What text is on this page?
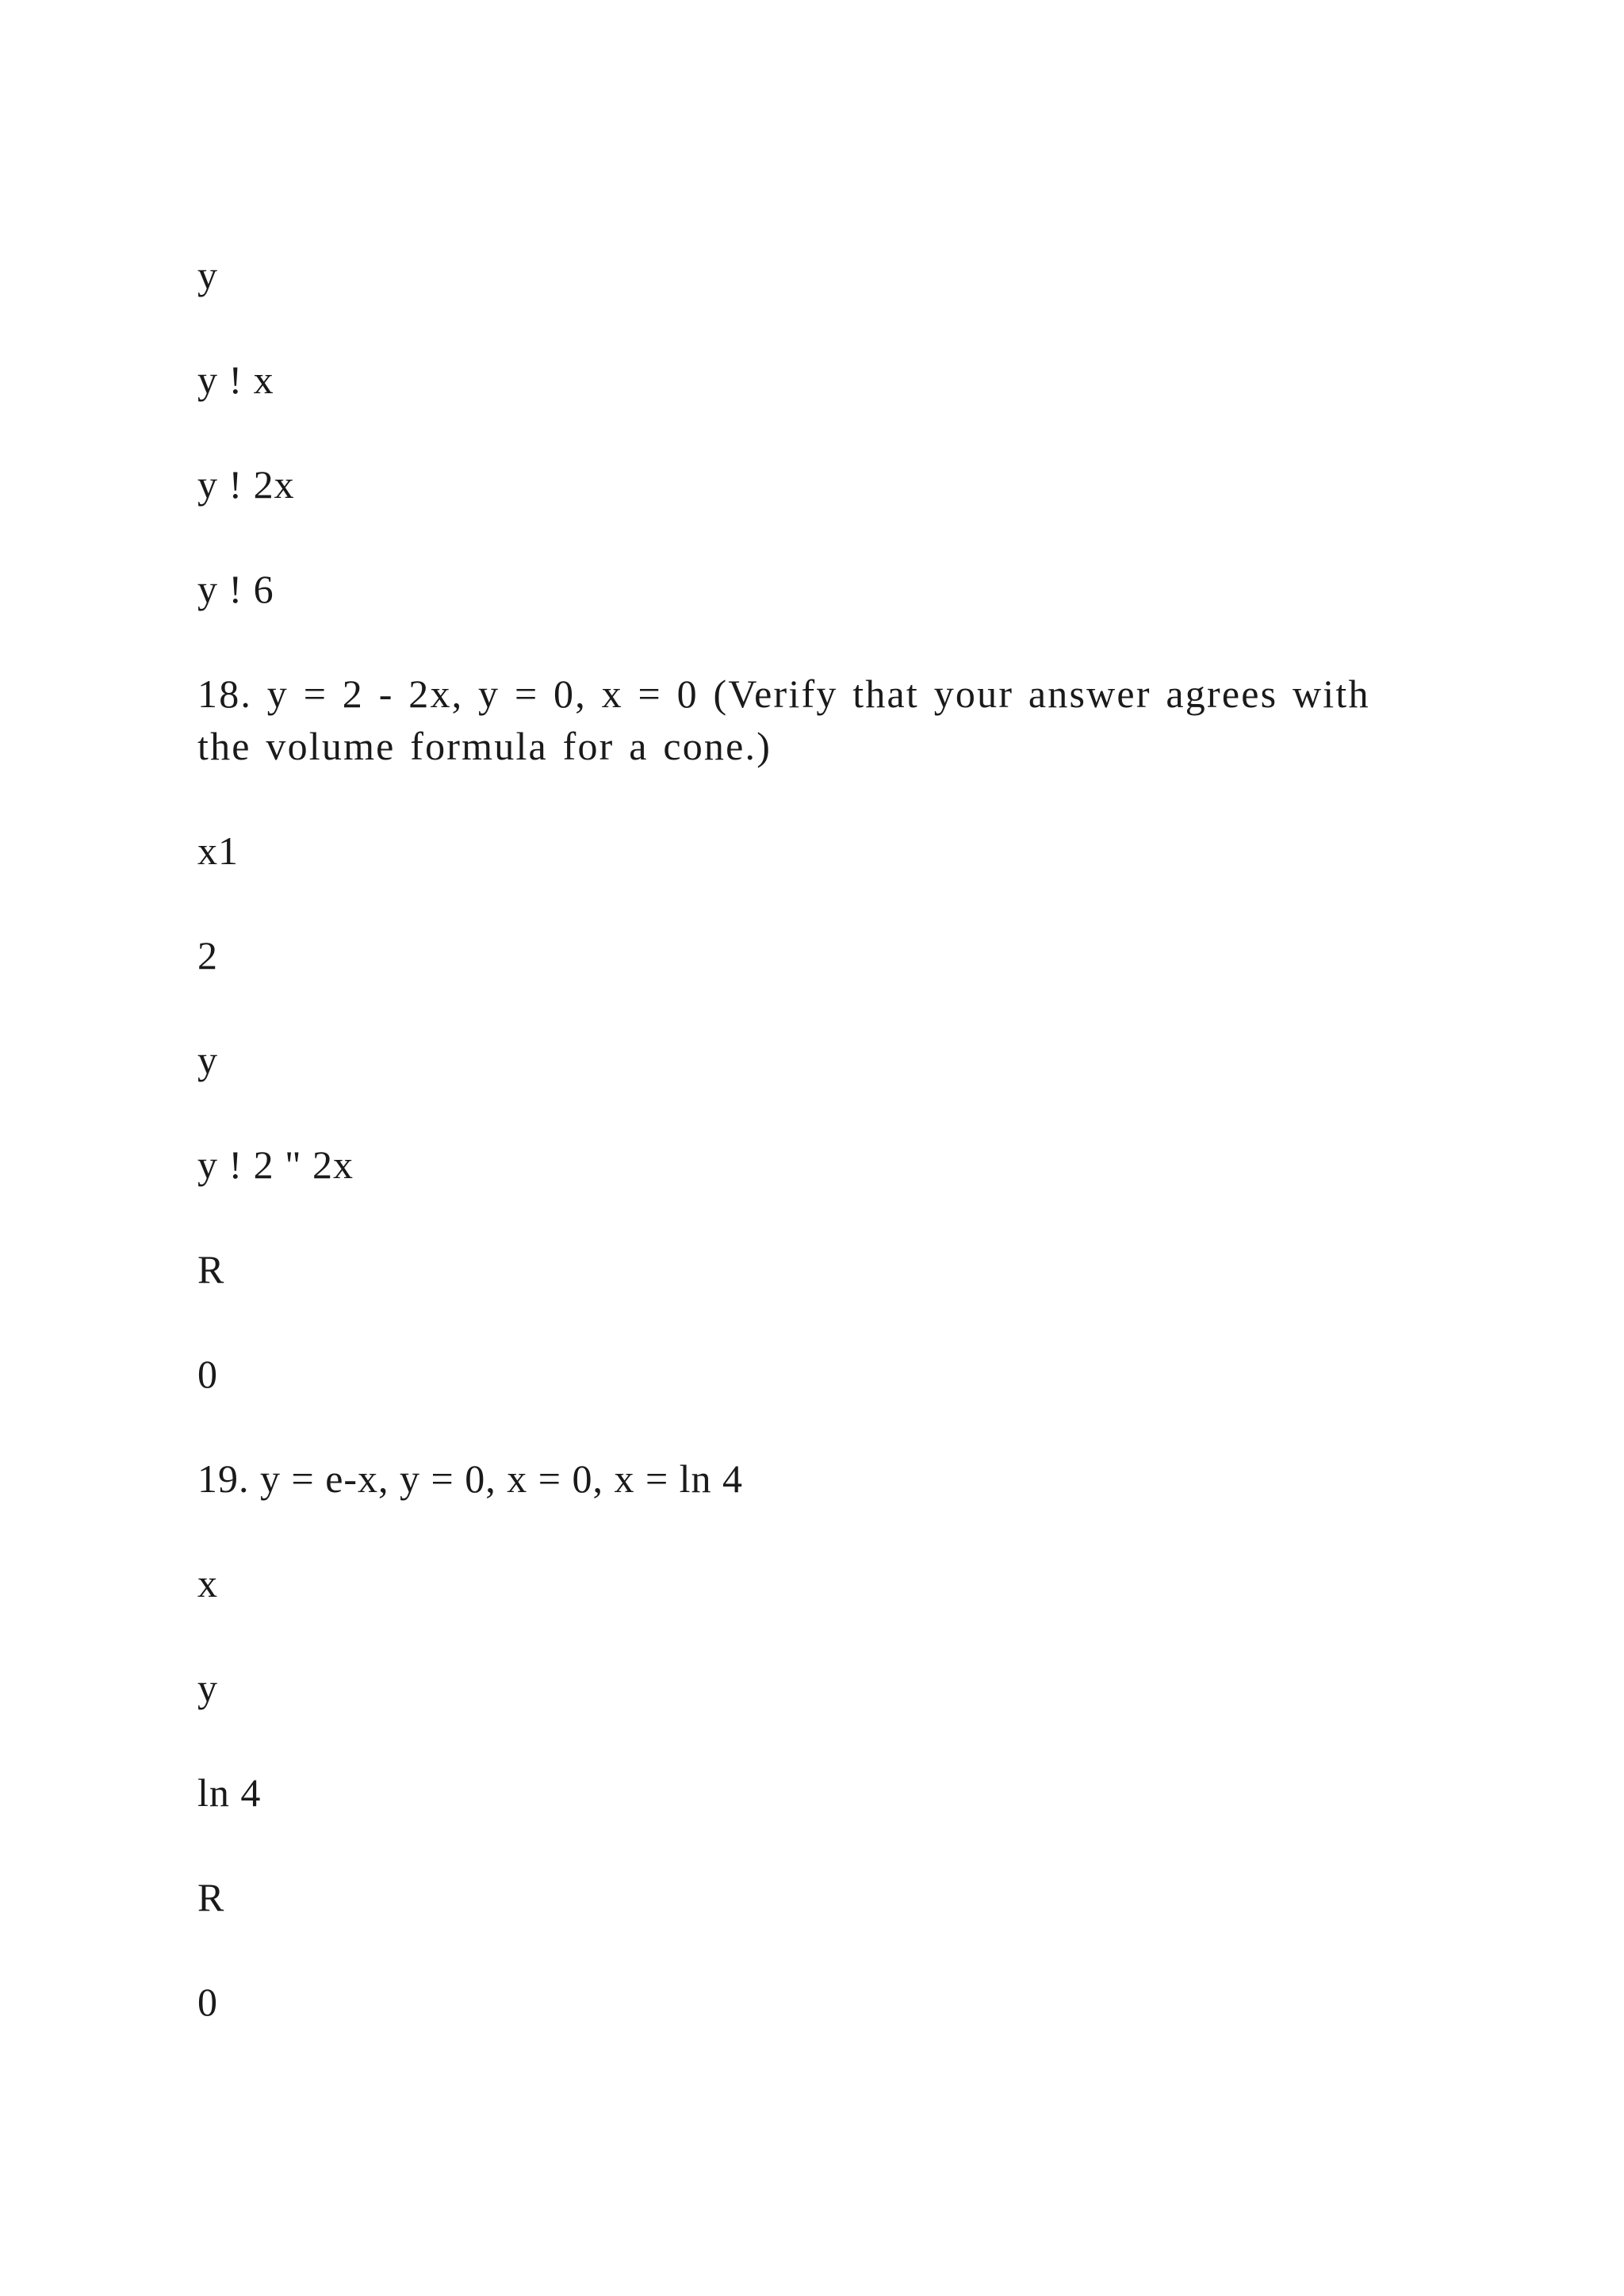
y
y ! x
y ! 2x
y ! 6
18. y = 2 - 2x, y = 0, x = 0 (Verify that your answer agrees with the volume formula for a cone.)
x1
2
y
y ! 2 " 2x
R
0
19. y = e-x, y = 0, x = 0, x = ln 4
x
y
ln 4
R
0
